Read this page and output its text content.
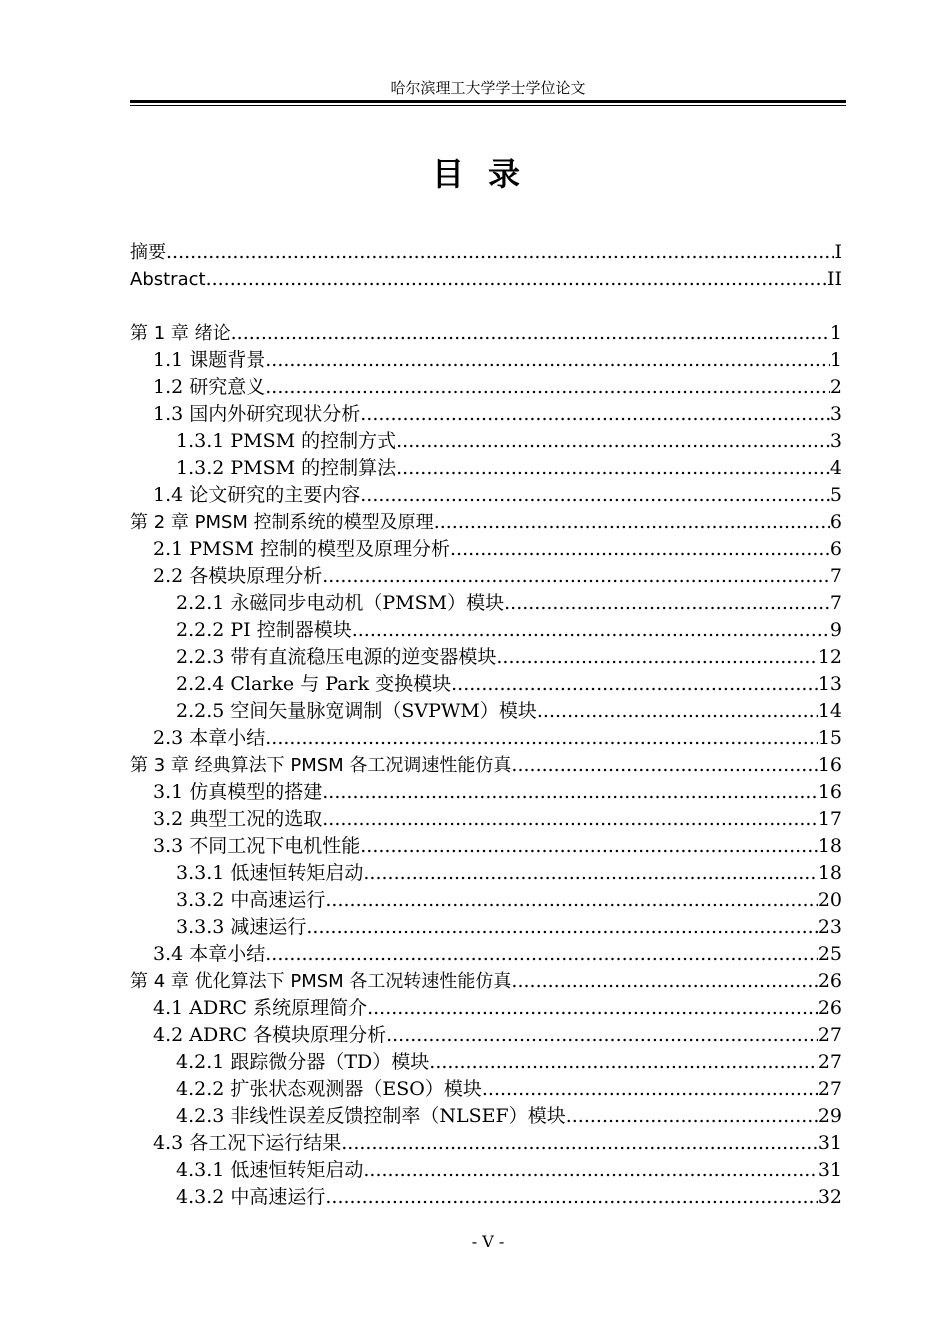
哈尔滨理工大学学士学位论文
目录
摘要 .....	I
Abstract .....	II
第 1 章 绪论 .....	1
1.1 课题背景 .....	1
1.2 研究意义 .....	2
1.3 国内外研究现状分析 .....	3
1.3.1 PMSM 的控制方式 .....	3
1.3.2 PMSM 的控制算法 .....	4
1.4 论文研究的主要内容 .....	5
第 2 章 PMSM 控制系统的模型及原理 .....	6
2.1 PMSM 控制的模型及原理分析 .....	6
2.2 各模块原理分析 .....	7
2.2.1 永磁同步电动机（PMSM）模块 .....	7
2.2.2 PI 控制器模块 .....	9
2.2.3 带有直流稳压电源的逆变器模块 .....	12
2.2.4 Clarke 与 Park 变换模块 .....	13
2.2.5 空间矢量脉宽调制（SVPWM）模块 .....	14
2.3 本章小结 .....	15
第 3 章 经典算法下 PMSM 各工况调速性能仿真 .....	16
3.1 仿真模型的搭建 .....	16
3.2 典型工况的选取 .....	17
3.3 不同工况下电机性能 .....	18
3.3.1 低速恒转矩启动 .....	18
3.3.2 中高速运行 .....	20
3.3.3 减速运行 .....	23
3.4 本章小结 .....	25
第 4 章 优化算法下 PMSM 各工况转速性能仿真 .....	26
4.1 ADRC 系统原理简介 .....	26
4.2 ADRC 各模块原理分析 .....	27
4.2.1 跟踪微分器（TD）模块 .....	27
4.2.2 扩张状态观测器（ESO）模块 .....	27
4.2.3 非线性误差反馈控制率（NLSEF）模块 .....	29
4.3 各工况下运行结果 .....	31
4.3.1 低速恒转矩启动 .....	31
4.3.2 中高速运行 .....	32
- V -
